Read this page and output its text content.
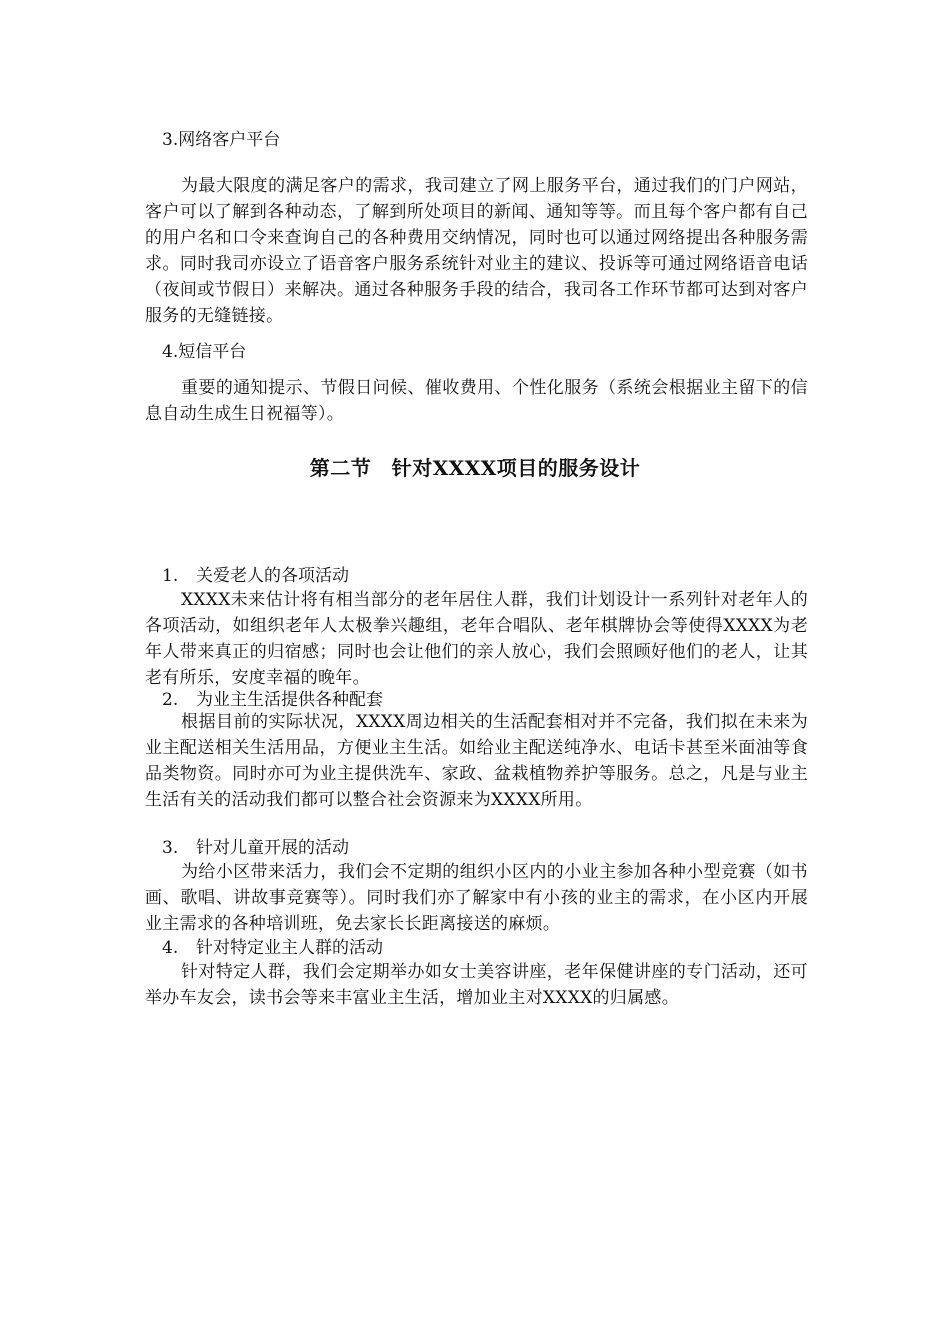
3.网络客户平台

为最大限度的满足客户的需求，我司建立了网上服务平台，通过我们的门户网站，客户可以了解到各种动态，了解到所处项目的新闻、通知等等。而且每个客户都有自己的用户名和口令来查询自己的各种费用交纳情况，同时也可以通过网络提出各种服务需求。同时我司亦设立了语音客户服务系统针对业主的建议、投诉等可通过网络语音电话（夜间或节假日）来解决。通过各种服务手段的结合，我司各工作环节都可达到对客户服务的无缝链接。

4.短信平台

重要的通知提示、节假日问候、催收费用、个性化服务（系统会根据业主留下的信息自动生成生日祝福等）。

第二节　针对XXXX项目的服务设计
1. 关爱老人的各项活动

XXXX未来估计将有相当部分的老年居住人群，我们计划设计一系列针对老年人的各项活动，如组织老年人太极拳兴趣组，老年合唱队、老年棋牌协会等使得XXXX为老年人带来真正的归宿感；同时也会让他们的亲人放心，我们会照顾好他们的老人，让其老有所乐，安度幸福的晚年。

2. 为业主生活提供各种配套

根据目前的实际状况，XXXX周边相关的生活配套相对并不完备，我们拟在未来为业主配送相关生活用品，方便业主生活。如给业主配送纯净水、电话卡甚至米面油等食品类物资。同时亦可为业主提供洗车、家政、盆栽植物养护等服务。总之，凡是与业主生活有关的活动我们都可以整合社会资源来为XXXX所用。

3. 针对儿童开展的活动

为给小区带来活力，我们会不定期的组织小区内的小业主参加各种小型竞赛（如书画、歌唱、讲故事竞赛等）。同时我们亦了解家中有小孩的业主的需求，在小区内开展业主需求的各种培训班，免去家长长距离接送的麻烦。

4. 针对特定业主人群的活动

针对特定人群，我们会定期举办如女士美容讲座，老年保健讲座的专门活动，还可举办车友会，读书会等来丰富业主生活，增加业主对XXXX的归属感。
